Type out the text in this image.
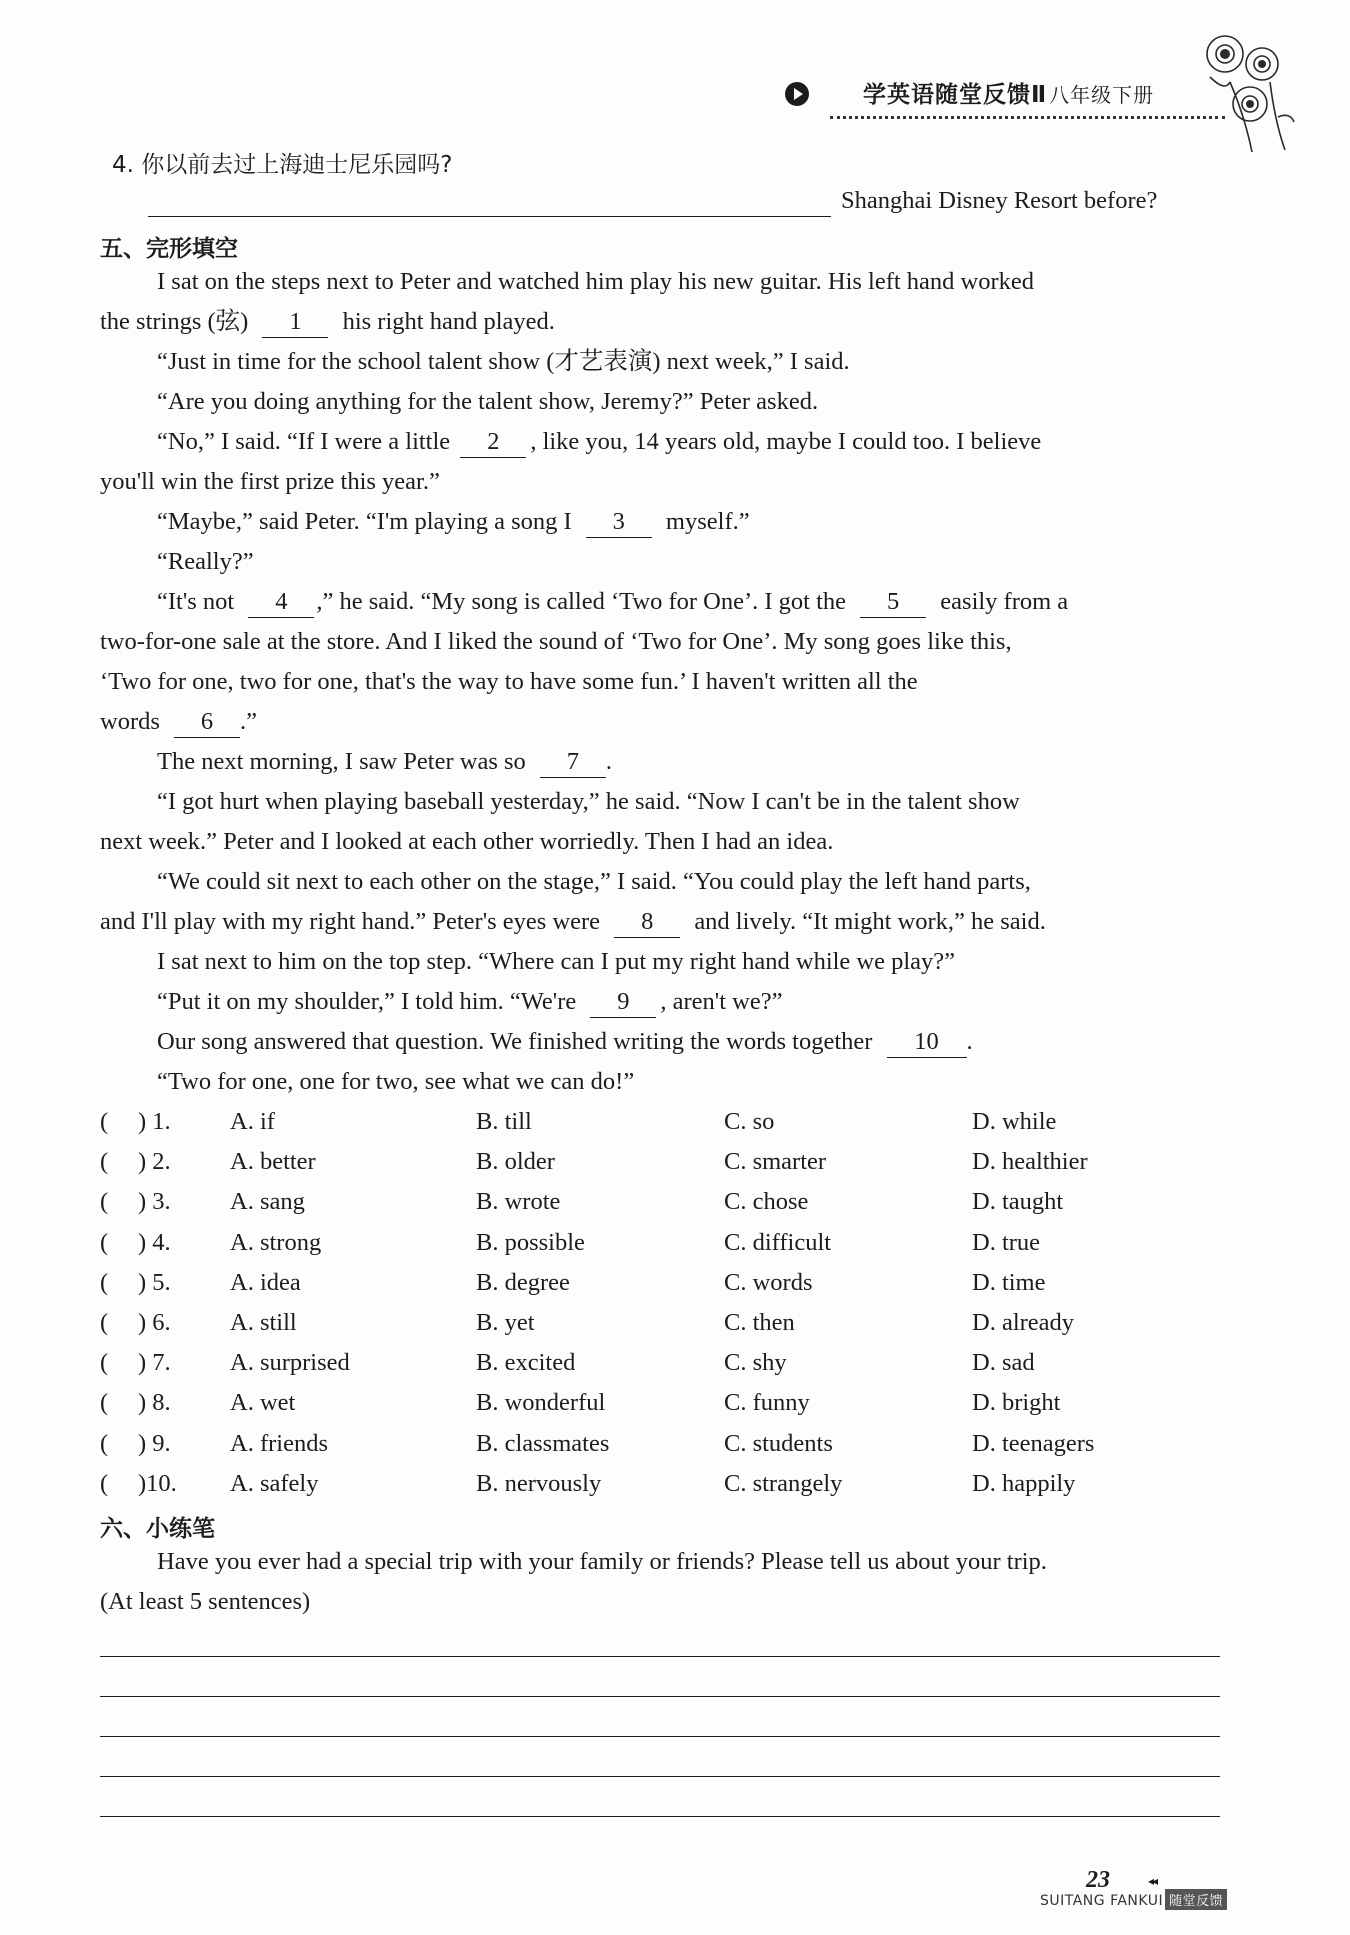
学英语随堂反馈Ⅱ 八年级下册
4. 你以前去过上海迪士尼乐园吗?
Shanghai Disney Resort before?
五、完形填空
I sat on the steps next to Peter and watched him play his new guitar. His left hand worked
the strings (弦) 1 his right hand played.
“Just in time for the school talent show (才艺表演) next week,” I said.
“Are you doing anything for the talent show, Jeremy?” Peter asked.
“No,” I said. “If I were a little 2 , like you, 14 years old, maybe I could too. I believe
you'll win the first prize this year.”
“Maybe,” said Peter. “I'm playing a song I 3 myself.”
“Really?”
“It's not 4 ,” he said. “My song is called ‘Two for One’. I got the 5 easily from a
two-for-one sale at the store. And I liked the sound of ‘Two for One’. My song goes like this,
‘Two for one, two for one, that's the way to have some fun.’ I haven't written all the
words 6 .”
The next morning, I saw Peter was so 7 .
“I got hurt when playing baseball yesterday,” he said. “Now I can't be in the talent show
next week.” Peter and I looked at each other worriedly. Then I had an idea.
“We could sit next to each other on the stage,” I said. “You could play the left hand parts,
and I'll play with my right hand.” Peter's eyes were 8 and lively. “It might work,” he said.
I sat next to him on the top step. “Where can I put my right hand while we play?”
“Put it on my shoulder,” I told him. “We're 9 , aren't we?”
Our song answered that question. We finished writing the words together 10 .
“Two for one, one for two, see what we can do!”
( ) 1. A. if	B. till	C. so	D. while
( ) 2. A. better	B. older	C. smarter	D. healthier
( ) 3. A. sang	B. wrote	C. chose	D. taught
( ) 4. A. strong	B. possible	C. difficult	D. true
( ) 5. A. idea	B. degree	C. words	D. time
( ) 6. A. still	B. yet	C. then	D. already
( ) 7. A. surprised	B. excited	C. shy	D. sad
( ) 8. A. wet	B. wonderful	C. funny	D. bright
( ) 9. A. friends	B. classmates	C. students	D. teenagers
( )10. A. safely	B. nervously	C. strangely	D. happily
六、小练笔
Have you ever had a special trip with your family or friends? Please tell us about your trip.
(At least 5 sentences)
23	◂◂
SUITANG FANKUI 随堂反馈
